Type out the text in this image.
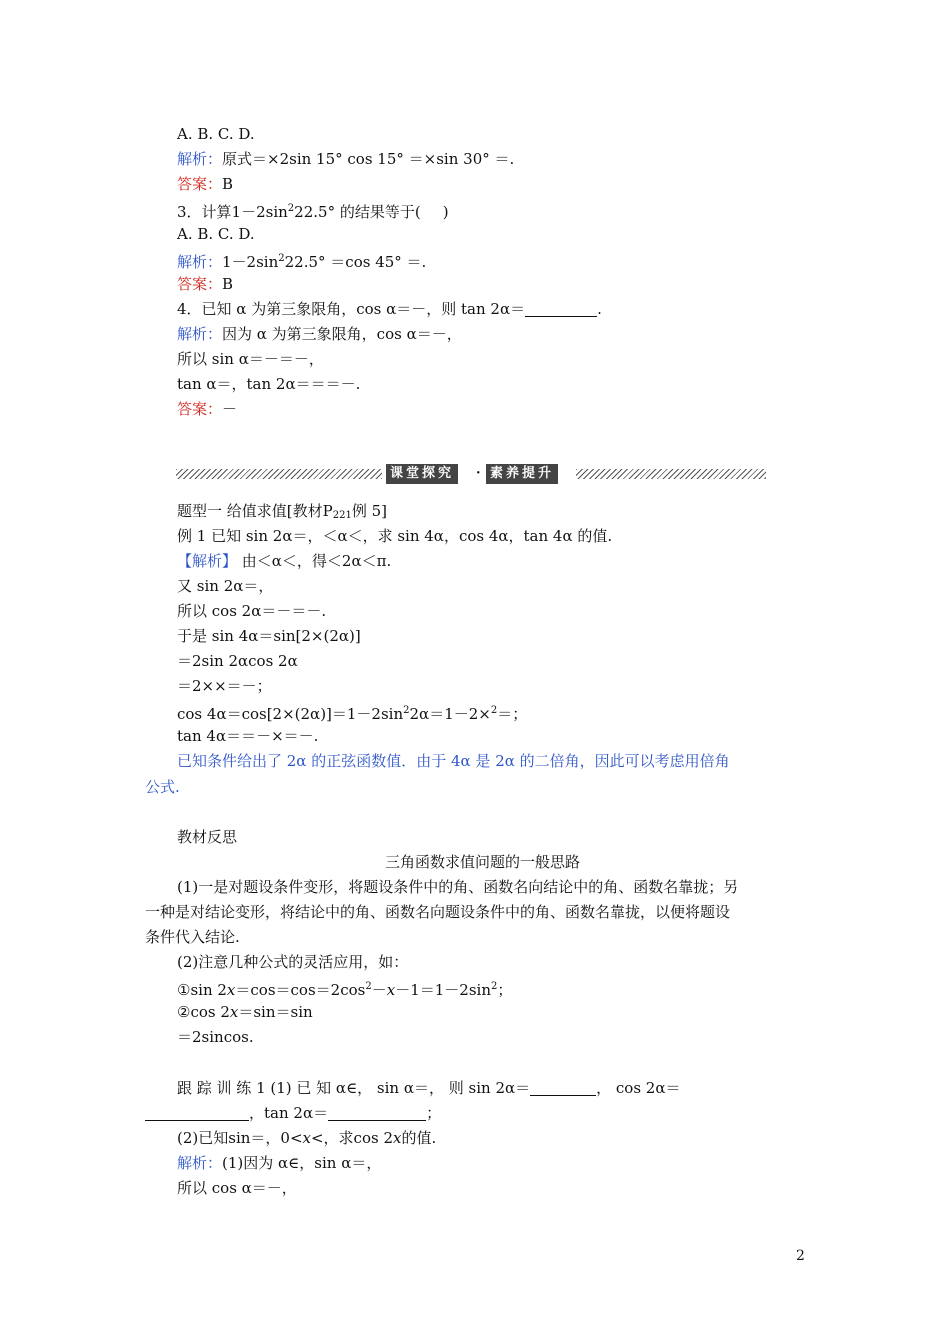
A. B. C. D.
解析：原式＝×2sin 15° cos 15° ＝×sin 30° ＝.
答案：B
3．计算$1-2\sin^222.5^\circ$ 的结果等于( )
A. B. C. D.
解析：$1-2\sin^222.5^\circ =\cos$ 45° ＝.
答案：B
4．已知 α 为第三象限角，cos α＝－，则 tan 2α＝	.
解析：因为 α 为第三象限角，cos α＝－，
所以 sin α＝－＝－，
tan α＝，tan 2α＝＝＝－.
答案：－
课堂探究	· 素养提升
题型一 给值求值[教材$P_{221}$例 5]
例 1 已知 sin 2α＝，＜α＜，求 sin 4α，cos 4α，tan 4α 的值.
【解析】 由＜α＜，得＜2α＜π.
又 sin 2α＝，
所以 cos 2α＝－＝－.
于是 sin 4α＝sin[2×(2α)]
＝2sin 2αcos 2α
＝2××＝－；
$\cos 4\alpha=\cos[2\times(2\alpha)]=1-2\sin^22\alpha=1-2\times^2=$；
tan 4α＝＝－×＝－.
已知条件给出了 2α 的正弦函数值．由于 4α 是 2α 的二倍角，因此可以考虑用倍角
公式.
教材反思
三角函数求值问题的一般思路
(1)一是对题设条件变形，将题设条件中的角、函数名向结论中的角、函数名靠拢；另
一种是对结论变形，将结论中的角、函数名向题设条件中的角、函数名靠拢，以便将题设
条件代入结论.
(2)注意几种公式的灵活应用，如：
①sin $2x=\cos=\cos=2\cos^2-x-1=1-2\sin^2$；
②cos 2x＝sin＝sin
＝2sincos.
跟 踪 训 练 1 (1) 已 知 α∈， sin α＝， 则 sin 2α＝	， cos 2α＝
，tan 2α＝	；
(2)已知sin＝，0<x<，求cos 2x的值.
解析：(1)因为 α∈，sin α＝，
所以 cos α＝－，
2
